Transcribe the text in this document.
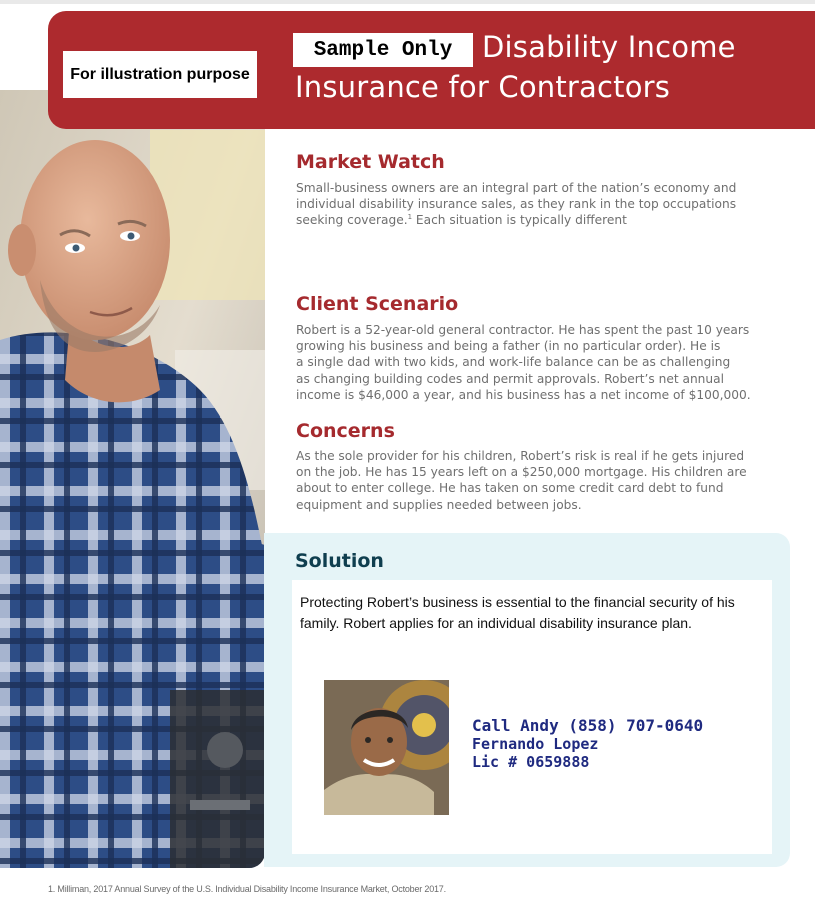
For illustration purpose
Sample Only	Disability Income
Insurance for Contractors
Market Watch
Small-business owners are an integral part of the nation’s economy and
individual disability insurance sales, as they rank in the top occupations
seeking coverage.$^1$ Each situation is typically different
Client Scenario
Robert is a 52-year-old general contractor. He has spent the past 10 years
growing his business and being a father (in no particular order). He is
a single dad with two kids, and work-life balance can be as challenging
as changing building codes and permit approvals. Robert’s net annual
income is $46,000 a year, and his business has a net income of $100,000.
Concerns
As the sole provider for his children, Robert’s risk is real if he gets injured
on the job. He has 15 years left on a $250,000 mortgage. His children are
about to enter college. He has taken on some credit card debt to fund
equipment and supplies needed between jobs.
Solution
Protecting Robert’s business is essential to the financial security of his
family. Robert applies for an individual disability insurance plan.
Call Andy (858) 707-0640
Fernando Lopez
Lic # 0659888
1. Milliman, 2017 Annual Survey of the U.S. Individual Disability Income Insurance Market, October 2017.
